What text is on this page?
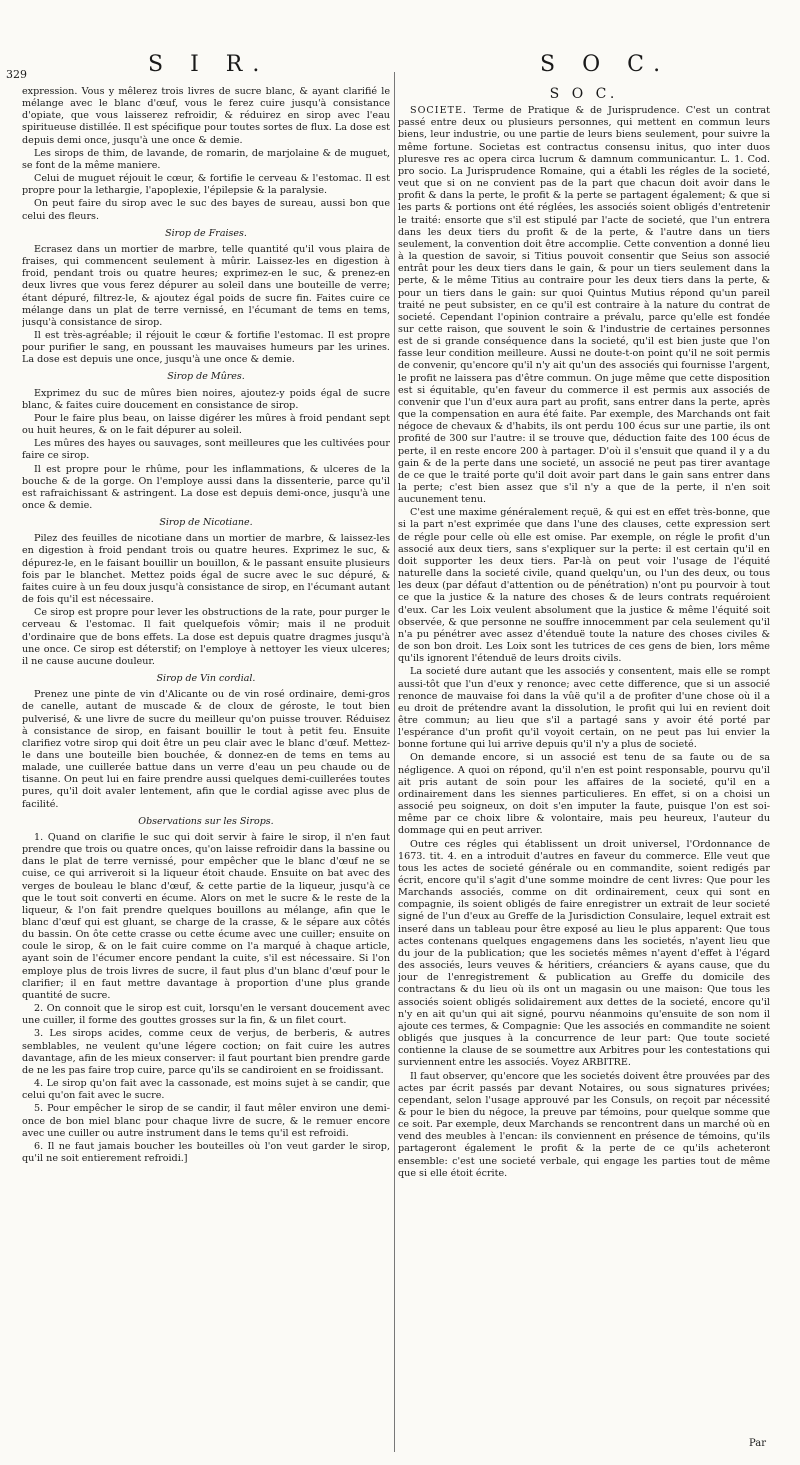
329	S I R.	S O C.

expression. Vous y mêlerez trois livres de sucre blanc, & ayant clarifié le mélange avec le blanc d'œuf, vous le ferez cuire jusqu'à consistance d'opiate, que vous laisserez refroidir, & réduirez en sirop avec l'eau spiritueuse distillée. Il est spécifique pour toutes sortes de flux. La dose est depuis demi once, jusqu'à une once & demie.

Les sirops de thim, de lavande, de romarin, de marjolaine & de muguet, se font de la même maniere.

Celui de muguet réjouit le cœur, & fortifie le cerveau & l'estomac. Il est propre pour la lethargie, l'apoplexie, l'épilepsie & la paralysie.

On peut faire du sirop avec le suc des bayes de sureau, aussi bon que celui des fleurs.

Sirop de Fraises.

Ecrasez dans un mortier de marbre, telle quantité qu'il vous plaira de fraises, qui commencent seulement à mûrir. Laissez-les en digestion à froid, pendant trois ou quatre heures; exprimez-en le suc, & prenez-en deux livres que vous ferez dépurer au soleil dans une bouteille de verre; étant dépuré, filtrez-le, & ajoutez égal poids de sucre fin. Faites cuire ce mélange dans un plat de terre vernissé, en l'écumant de tems en tems, jusqu'à consistance de sirop.

Il est très-agréable; il réjouit le cœur & fortifie l'estomac. Il est propre pour purifier le sang, en poussant les mauvaises humeurs par les urines. La dose est depuis une once, jusqu'à une once & demie.

Sirop de Mûres.

Exprimez du suc de mûres bien noires, ajoutez-y poids égal de sucre blanc, & faites cuire doucement en consistance de sirop.

Pour le faire plus beau, on laisse digérer les mûres à froid pendant sept ou huit heures, & on le fait dépurer au soleil.

Les mûres des hayes ou sauvages, sont meilleures que les cultivées pour faire ce sirop.

Il est propre pour le rhûme, pour les inflammations, & ulceres de la bouche & de la gorge. On l'employe aussi dans la dissenterie, parce qu'il est rafraichissant & astringent. La dose est depuis demi-once, jusqu'à une once & demie.

Sirop de Nicotiane.

Pilez des feuilles de nicotiane dans un mortier de marbre, & laissez-les en digestion à froid pendant trois ou quatre heures. Exprimez le suc, & dépurez-le, en le faisant bouillir un bouillon, & le passant ensuite plusieurs fois par le blanchet. Mettez poids égal de sucre avec le suc dépuré, & faites cuire à un feu doux jusqu'à consistance de sirop, en l'écumant autant de fois qu'il est nécessaire.

Ce sirop est propre pour lever les obstructions de la rate, pour purger le cerveau & l'estomac. Il fait quelquefois vômir; mais il ne produit d'ordinaire que de bons effets. La dose est depuis quatre dragmes jusqu'à une once. Ce sirop est déterstif; on l'employe à nettoyer les vieux ulceres; il ne cause aucune douleur.

Sirop de Vin cordial.

Prenez une pinte de vin d'Alicante ou de vin rosé ordinaire, demi-gros de canelle, autant de muscade & de cloux de géroste, le tout bien pulverisé, & une livre de sucre du meilleur qu'on puisse trouver. Réduisez à consistance de sirop, en faisant bouillir le tout à petit feu. Ensuite clarifiez votre sirop qui doit être un peu clair avec le blanc d'œuf. Mettez-le dans une bouteille bien bouchée, & donnez-en de tems en tems au malade, une cuillerée battue dans un verre d'eau un peu chaude ou de tisanne. On peut lui en faire prendre aussi quelques demi-cuillerées toutes pures, qu'il doit avaler lentement, afin que le cordial agisse avec plus de facilité.

Observations sur les Sirops.

1. Quand on clarifie le suc qui doit servir à faire le sirop, il n'en faut prendre que trois ou quatre onces, qu'on laisse refroidir dans la bassine ou dans le plat de terre vernissé, pour empêcher que le blanc d'œuf ne se cuise, ce qui arriveroit si la liqueur étoit chaude. Ensuite on bat avec des verges de bouleau le blanc d'œuf, & cette partie de la liqueur, jusqu'à ce que le tout soit converti en écume. Alors on met le sucre & le reste de la liqueur, & l'on fait prendre quelques bouillons au mélange, afin que le blanc d'œuf qui est gluant, se charge de la crasse, & le sépare aux côtés du bassin. On ôte cette crasse ou cette écume avec une cuiller; ensuite on coule le sirop, & on le fait cuire comme on l'a marqué à chaque article, ayant soin de l'écumer encore pendant la cuite, s'il est nécessaire. Si l'on employe plus de trois livres de sucre, il faut plus d'un blanc d'œuf pour le clarifier; il en faut mettre davantage à proportion d'une plus grande quantité de sucre.

2. On connoit que le sirop est cuit, lorsqu'en le versant doucement avec une cuiller, il forme des gouttes grosses sur la fin, & un filet court.

3. Les sirops acides, comme ceux de verjus, de berberis, & autres semblables, ne veulent qu'une légere coction; on fait cuire les autres davantage, afin de les mieux conserver: il faut pourtant bien prendre garde de ne les pas faire trop cuire, parce qu'ils se candiroient en se froidissant.

4. Le sirop qu'on fait avec la cassonade, est moins sujet à se candir, que celui qu'on fait avec le sucre.

5. Pour empêcher le sirop de se candir, il faut mêler environ une demi-once de bon miel blanc pour chaque livre de sucre, & le remuer encore avec une cuiller ou autre instrument dans le tems qu'il est refroidi.

6. Il ne faut jamais boucher les bouteilles où l'on veut garder le sirop, qu'il ne soit entierement refroidi.]

S O C.

SOCIETE. Terme de Pratique & de Jurisprudence. C'est un contrat passé entre deux ou plusieurs personnes, qui mettent en commun leurs biens, leur industrie, ou une partie de leurs biens seulement, pour suivre la même fortune. Societas est contractus consensu initus, quo inter duos pluresve res ac opera circa lucrum & damnum communicantur. L. 1. Cod. pro socio. La Jurisprudence Romaine, qui a établi les régles de la societé, veut que si on ne convient pas de la part que chacun doit avoir dans le profit & dans la perte, le profit & la perte se partagent également; & que si les parts & portions ont été réglées, les associés soient obligés d'entretenir le traité: ensorte que s'il est stipulé par l'acte de societé, que l'un entrera dans les deux tiers du profit & de la perte, & l'autre dans un tiers seulement, la convention doit être accomplie. Cette convention a donné lieu à la question de savoir, si Titius pouvoit consentir que Seius son associé entrât pour les deux tiers dans le gain, & pour un tiers seulement dans la perte, & le même Titius au contraire pour les deux tiers dans la perte, & pour un tiers dans le gain: sur quoi Quintus Mutius répond qu'un pareil traité ne peut subsister, en ce qu'il est contraire à la nature du contrat de societé. Cependant l'opinion contraire a prévalu, parce qu'elle est fondée sur cette raison, que souvent le soin & l'industrie de certaines personnes est de si grande conséquence dans la societé, qu'il est bien juste que l'on fasse leur condition meilleure. Aussi ne doute-t-on point qu'il ne soit permis de convenir, qu'encore qu'il n'y ait qu'un des associés qui fournisse l'argent, le profit ne laissera pas d'être commun. On juge même que cette disposition est si équitable, qu'en faveur du commerce il est permis aux associés de convenir que l'un d'eux aura part au profit, sans entrer dans la perte, après que la compensation en aura été faite. Par exemple, des Marchands ont fait négoce de chevaux & d'habits, ils ont perdu 100 écus sur une partie, ils ont profité de 300 sur l'autre: il se trouve que, déduction faite des 100 écus de perte, il en reste encore 200 à partager. D'où il s'ensuit que quand il y a du gain & de la perte dans une societé, un associé ne peut pas tirer avantage de ce que le traité porte qu'il doit avoir part dans le gain sans entrer dans la perte; c'est bien assez que s'il n'y a que de la perte, il n'en soit aucunement tenu.

C'est une maxime généralement reçuë, & qui est en effet très-bonne, que si la part n'est exprimée que dans l'une des clauses, cette expression sert de régle pour celle où elle est omise. Par exemple, on régle le profit d'un associé aux deux tiers, sans s'expliquer sur la perte: il est certain qu'il en doit supporter les deux tiers. Par-là on peut voir l'usage de l'équité naturelle dans la societé civile, quand quelqu'un, ou l'un des deux, ou tous les deux (par défaut d'attention ou de pénétration) n'ont pu pourvoir à tout ce que la justice & la nature des choses & de leurs contrats requéroient d'eux. Car les Loix veulent absolument que la justice & même l'équité soit observée, & que personne ne souffre innocemment par cela seulement qu'il n'a pu pénétrer avec assez d'étenduë toute la nature des choses civiles & de son bon droit. Les Loix sont les tutrices de ces gens de bien, lors même qu'ils ignorent l'étenduë de leurs droits civils.

La societé dure autant que les associés y consentent, mais elle se rompt aussi-tôt que l'un d'eux y renonce; avec cette difference, que si un associé renonce de mauvaise foi dans la vûë qu'il a de profiter d'une chose où il a eu droit de prétendre avant la dissolution, le profit qui lui en revient doit être commun; au lieu que s'il a partagé sans y avoir été porté par l'espérance d'un profit qu'il voyoit certain, on ne peut pas lui envier la bonne fortune qui lui arrive depuis qu'il n'y a plus de societé.

On demande encore, si un associé est tenu de sa faute ou de sa négligence. A quoi on répond, qu'il n'en est point responsable, pourvu qu'il ait pris autant de soin pour les affaires de la societé, qu'il en a ordinairement dans les siennes particulieres. En effet, si on a choisi un associé peu soigneux, on doit s'en imputer la faute, puisque l'on est soi-même par ce choix libre & volontaire, mais peu heureux, l'auteur du dommage qui en peut arriver.

Outre ces régles qui établissent un droit universel, l'Ordonnance de 1673. tit. 4. en a introduit d'autres en faveur du commerce. Elle veut que tous les actes de societé générale ou en commandite, soient redigés par écrit, encore qu'il s'agit d'une somme moindre de cent livres: Que pour les Marchands associés, comme on dit ordinairement, ceux qui sont en compagnie, ils soient obligés de faire enregistrer un extrait de leur societé signé de l'un d'eux au Greffe de la Jurisdiction Consulaire, lequel extrait est inseré dans un tableau pour être exposé au lieu le plus apparent: Que tous actes contenans quelques engagemens dans les societés, n'ayent lieu que du jour de la publication; que les societés mêmes n'ayent d'effet à l'égard des associés, leurs veuves & héritiers, créanciers & ayans cause, que du jour de l'enregistrement & publication au Greffe du domicile des contractans & du lieu où ils ont un magasin ou une maison: Que tous les associés soient obligés solidairement aux dettes de la societé, encore qu'il n'y en ait qu'un qui ait signé, pourvu néanmoins qu'ensuite de son nom il ajoute ces termes, & Compagnie: Que les associés en commandite ne soient obligés que jusques à la concurrence de leur part: Que toute societé contienne la clause de se soumettre aux Arbitres pour les contestations qui surviennent entre les associés. Voyez ARBITRE.

Il faut observer, qu'encore que les societés doivent être prouvées par des actes par écrit passés par devant Notaires, ou sous signatures privées; cependant, selon l'usage approuvé par les Consuls, on reçoit par nécessité & pour le bien du négoce, la preuve par témoins, pour quelque somme que ce soit. Par exemple, deux Marchands se rencontrent dans un marché où en vend des meubles à l'encan: ils conviennent en présence de témoins, qu'ils partageront également le profit & la perte de ce qu'ils acheteront ensemble: c'est une societé verbale, qui engage les parties tout de même que si elle étoit écrite.

Par
